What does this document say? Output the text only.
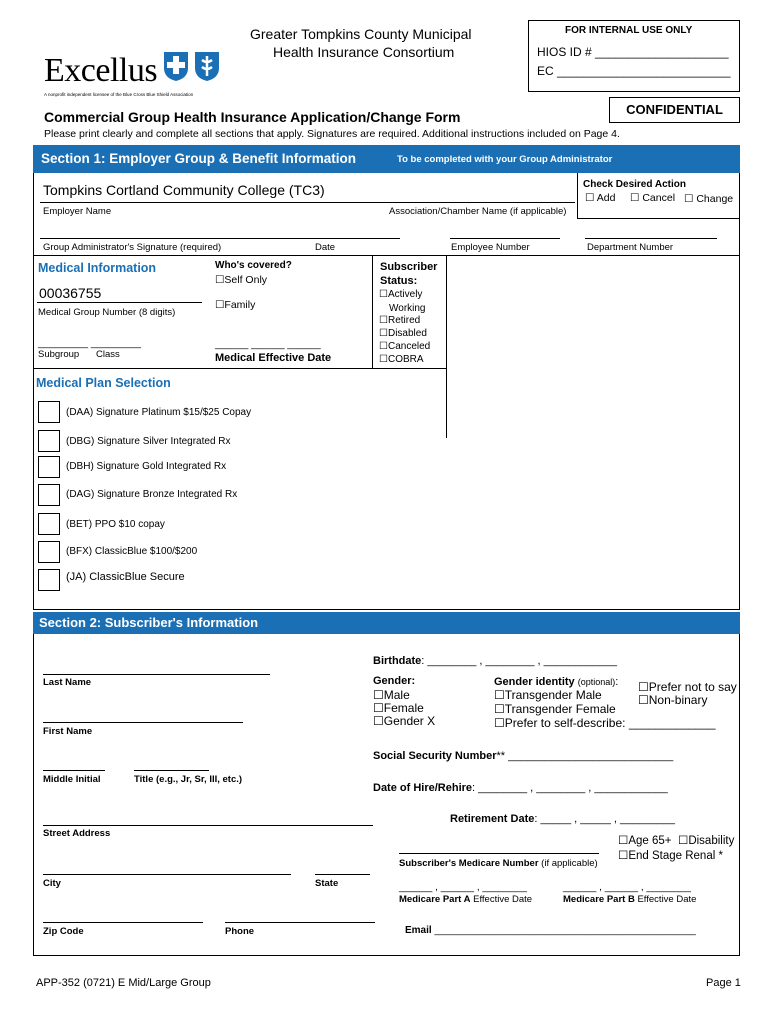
Excellus
A nonprofit independent licensee of the Blue Cross Blue Shield Association
Greater Tompkins County Municipal
Health Insurance Consortium
FOR INTERNAL USE ONLY
HIOS ID # ____________________
EC __________________________
CONFIDENTIAL
Commercial Group Health Insurance Application/Change Form
Please print clearly and complete all sections that apply. Signatures are required. Additional instructions included on Page 4.
Section 1: Employer Group & Benefit Information	To be completed with your Group Administrator
Tompkins Cortland Community College (TC3)
Employer Name	Association/Chamber Name (if applicable)
Check Desired Action
☐ Add ☐ Cancel ☐ Change
Group Administrator's Signature (required)	Date	Employee Number	Department Number
Medical Information
00036755
Medical Group Number (8 digits)
_________ _________
Subgroup Class
Who's covered?
☐Self Only
☐Family
______ ______ ______
Medical Effective Date
Subscriber
Status:
☐Actively
Working
☐Retired
☐Disabled
☐Canceled
☐COBRA
Medical Plan Selection
(DAA) Signature Platinum $15/$25 Copay
(DBG) Signature Silver Integrated Rx
(DBH) Signature Gold Integrated Rx
(DAG) Signature Bronze Integrated Rx
(BET) PPO $10 copay
(BFX) ClassicBlue $100/$200
(JA) ClassicBlue Secure
Section 2: Subscriber's Information
Last Name
First Name
Middle Initial	Title (e.g., Jr, Sr, III, etc.)
Street Address
City	State
Zip Code	Phone
Birthdate: ________ , ________ , ____________
Gender:
☐Male
☐Female
☐Gender X
Gender identity (optional):
☐Transgender Male
☐Transgender Female
☐Prefer to self-describe: _____________
☐Prefer not to say
☐Non-binary
Social Security Number** ___________________________
Date of Hire/Rehire: ________ , ________ , ____________
Retirement Date: _____ , _____ , _________
Subscriber's Medicare Number (if applicable)
☐Age 65+ ☐Disability
☐End Stage Renal *
______ , ______ , ________	______ , ______ , ________
Medicare Part A Effective Date	Medicare Part B Effective Date
Email _______________________________________________
APP-352 (0721) E Mid/Large Group	Page 1
